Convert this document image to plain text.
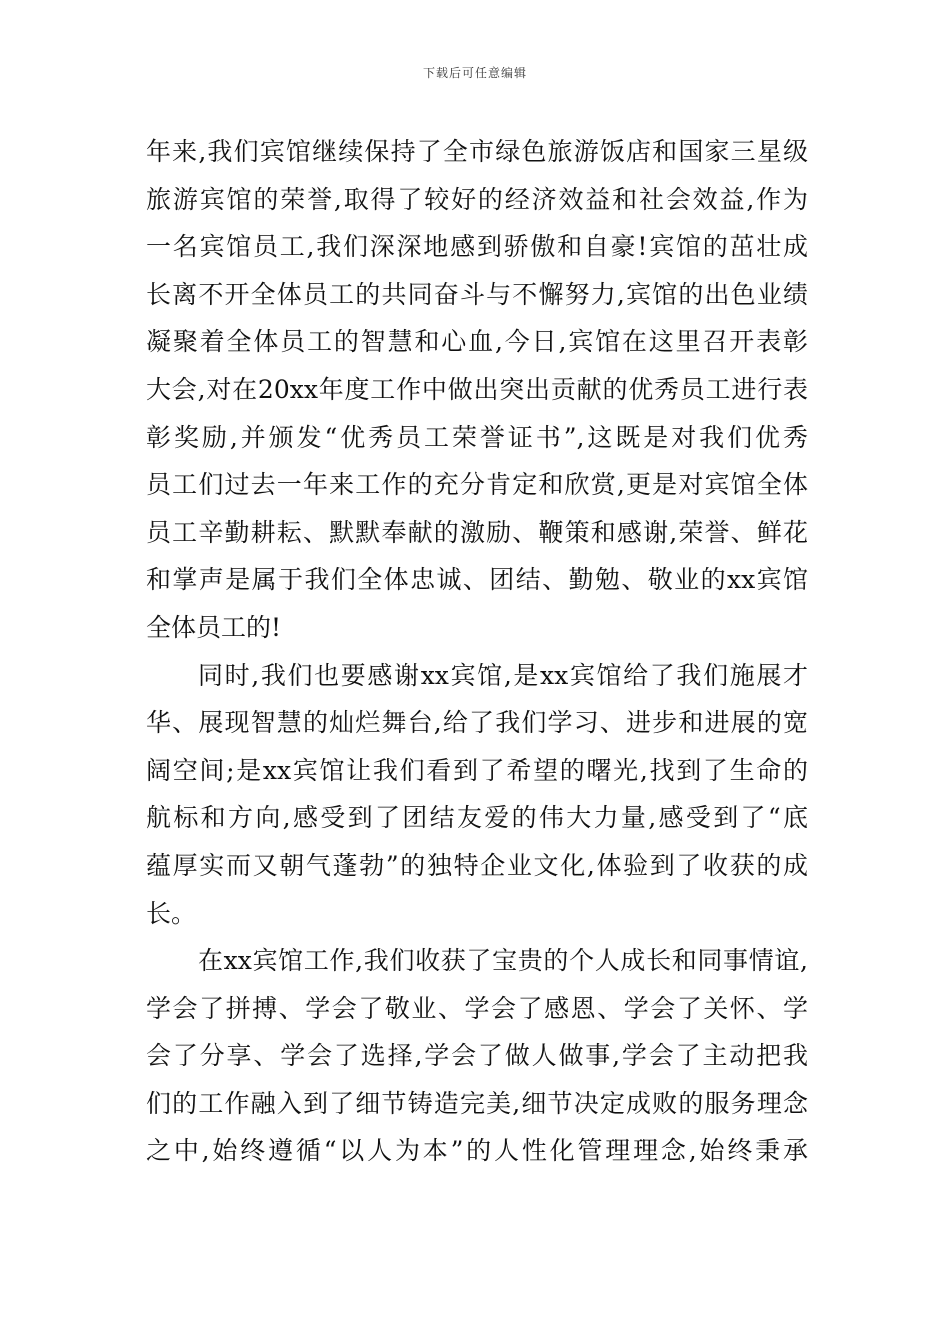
下载后可任意编辑
年来,我们宾馆继续保持了全市绿色旅游饭店和国家三星级
旅游宾馆的荣誉,取得了较好的经济效益和社会效益,作为
一名宾馆员工,我们深深地感到骄傲和自豪!宾馆的茁壮成
长离不开全体员工的共同奋斗与不懈努力,宾馆的出色业绩
凝聚着全体员工的智慧和心血,今日,宾馆在这里召开表彰
大会,对在20xx年度工作中做出突出贡献的优秀员工进行表
彰奖励,并颁发“优秀员工荣誉证书”,这既是对我们优秀
员工们过去一年来工作的充分肯定和欣赏,更是对宾馆全体
员工辛勤耕耘、默默奉献的激励、鞭策和感谢,荣誉、鲜花
和掌声是属于我们全体忠诚、团结、勤勉、敬业的xx宾馆
全体员工的!
同时,我们也要感谢xx宾馆,是xx宾馆给了我们施展才
华、展现智慧的灿烂舞台,给了我们学习、进步和进展的宽
阔空间;是xx宾馆让我们看到了希望的曙光,找到了生命的
航标和方向,感受到了团结友爱的伟大力量,感受到了“底
蕴厚实而又朝气蓬勃”的独特企业文化,体验到了收获的成
长。
在xx宾馆工作,我们收获了宝贵的个人成长和同事情谊,
学会了拼搏、学会了敬业、学会了感恩、学会了关怀、学
会了分享、学会了选择,学会了做人做事,学会了主动把我
们的工作融入到了细节铸造完美,细节决定成败的服务理念
之中,始终遵循“以人为本”的人性化管理理念,始终秉承
